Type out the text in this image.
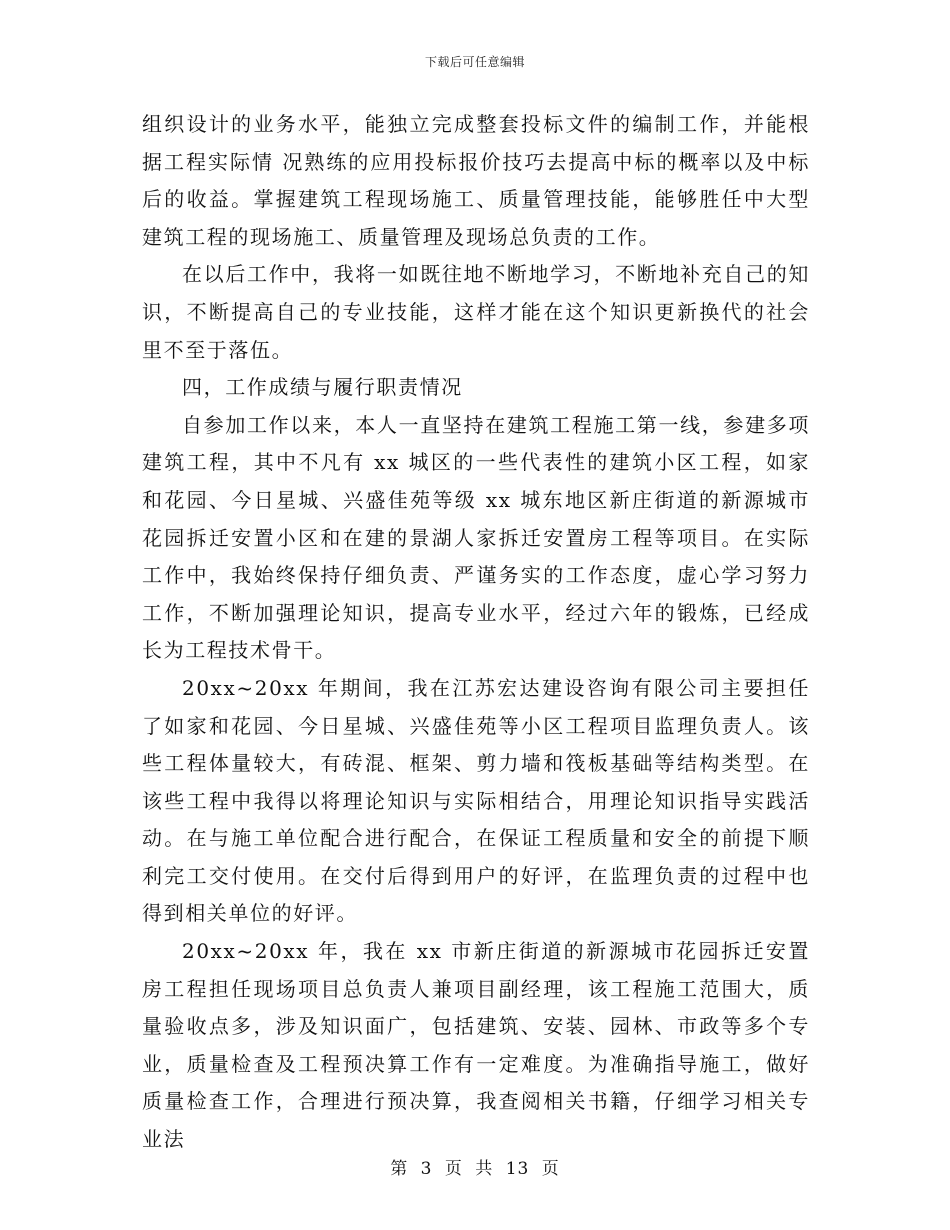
下载后可任意编辑

组织设计的业务水平，能独立完成整套投标文件的编制工作，并能根据工程实际情 况熟练的应用投标报价技巧去提高中标的概率以及中标后的收益。掌握建筑工程现场施工、质量管理技能，能够胜任中大型建筑工程的现场施工、质量管理及现场总负责的工作。

在以后工作中，我将一如既往地不断地学习，不断地补充自己的知识，不断提高自己的专业技能，这样才能在这个知识更新换代的社会里不至于落伍。

四，工作成绩与履行职责情况

自参加工作以来，本人一直坚持在建筑工程施工第一线，参建多项建筑工程，其中不凡有 xx 城区的一些代表性的建筑小区工程，如家和花园、今日星城、兴盛佳苑等级 xx 城东地区新庄街道的新源城市花园拆迁安置小区和在建的景湖人家拆迁安置房工程等项目。在实际工作中，我始终保持仔细负责、严谨务实的工作态度，虚心学习努力工作，不断加强理论知识，提高专业水平，经过六年的锻炼，已经成长为工程技术骨干。

20xx~20xx 年期间，我在江苏宏达建设咨询有限公司主要担任了如家和花园、今日星城、兴盛佳苑等小区工程项目监理负责人。该些工程体量较大，有砖混、框架、剪力墙和筏板基础等结构类型。在该些工程中我得以将理论知识与实际相结合，用理论知识指导实践活动。在与施工单位配合进行配合，在保证工程质量和安全的前提下顺利完工交付使用。在交付后得到用户的好评，在监理负责的过程中也得到相关单位的好评。

20xx~20xx 年，我在 xx 市新庄街道的新源城市花园拆迁安置房工程担任现场项目总负责人兼项目副经理，该工程施工范围大，质量验收点多，涉及知识面广，包括建筑、安装、园林、市政等多个专业，质量检查及工程预决算工作有一定难度。为准确指导施工，做好质量检查工作，合理进行预决算，我查阅相关书籍，仔细学习相关专业法

第 3 页 共 13 页
